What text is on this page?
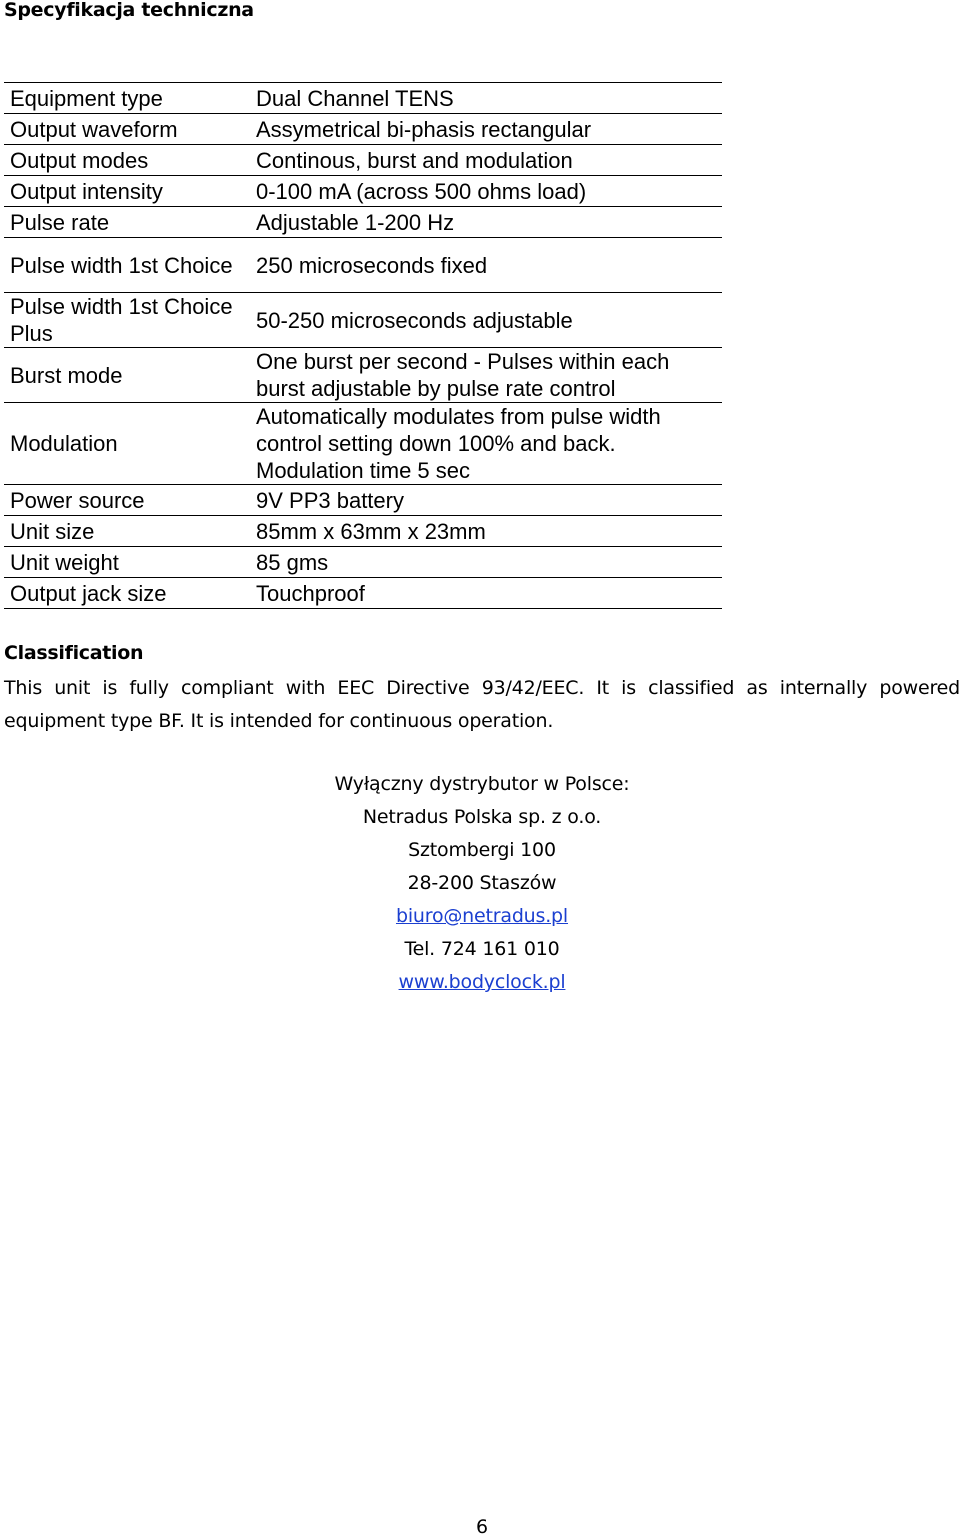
Specyfikacja techniczna
Equipment type	Dual Channel TENS
Output waveform	Assymetrical bi-phasis rectangular
Output modes	Continous, burst and modulation
Output intensity	0-100 mA (across 500 ohms load)
Pulse rate	Adjustable 1-200 Hz
Pulse width 1st Choice	250 microseconds fixed
Pulse width 1st Choice Plus	50-250 microseconds adjustable
Burst mode	One burst per second - Pulses within each burst adjustable by pulse rate control
Modulation	Automatically modulates from pulse width control setting down 100% and back. Modulation time 5 sec
Power source	9V PP3 battery
Unit size	85mm x 63mm x 23mm
Unit weight	85 gms
Output jack size	Touchproof
Classification
This unit is fully compliant with EEC Directive 93/42/EEC. It is classified as internally powered equipment type BF. It is intended for continuous operation.
Wyłączny dystrybutor w Polsce:
Netradus Polska sp. z o.o.
Sztombergi 100
28-200 Staszów
biuro@netradus.pl
Tel. 724 161 010
www.bodyclock.pl
6
